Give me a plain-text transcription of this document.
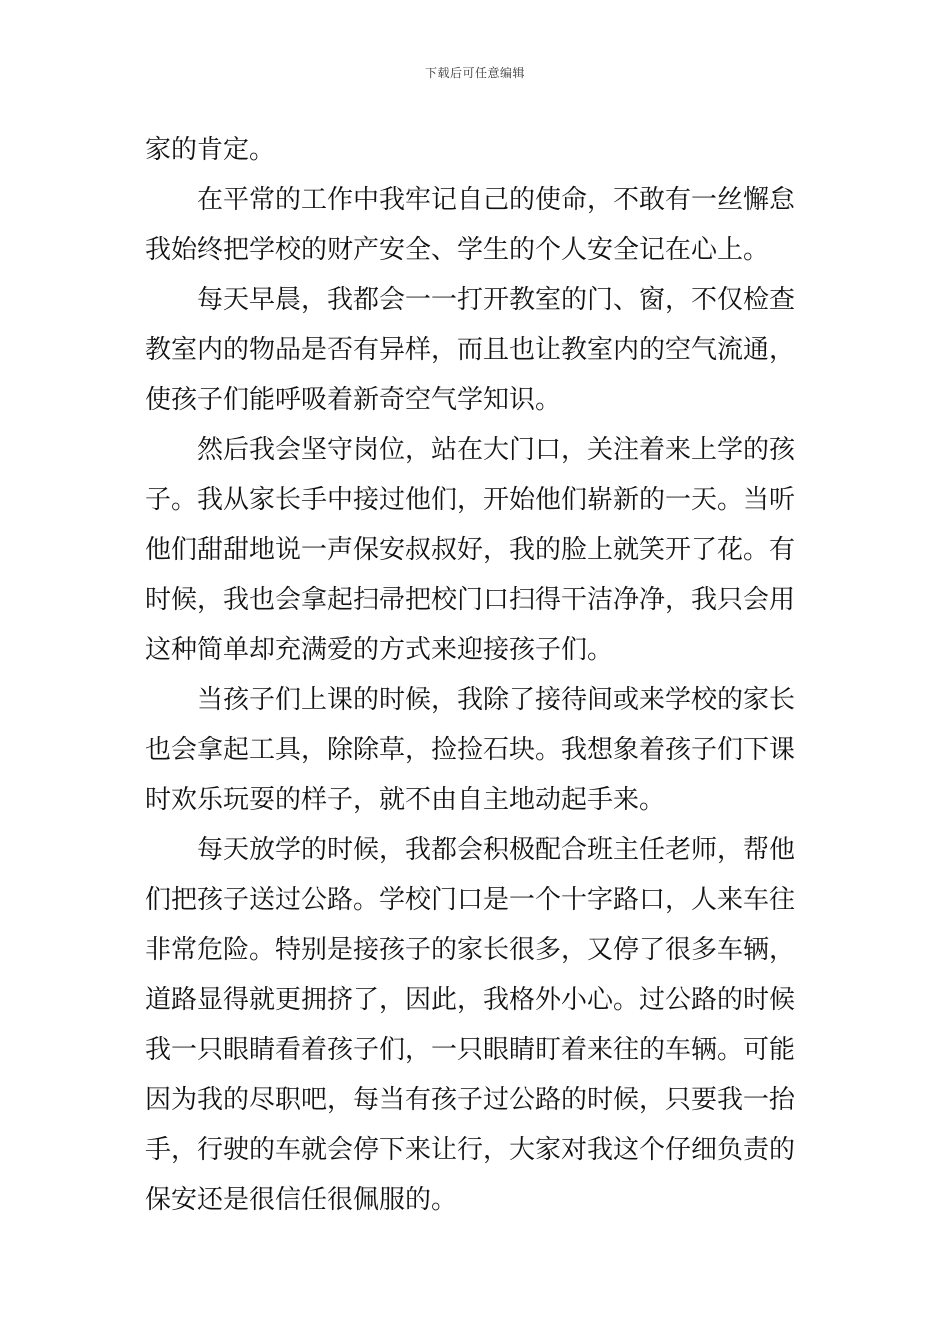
下载后可任意编辑
家的肯定。
在平常的工作中我牢记自己的使命，不敢有一丝懈怠
我始终把学校的财产安全、学生的个人安全记在心上。
每天早晨，我都会一一打开教室的门、窗，不仅检查
教室内的物品是否有异样，而且也让教室内的空气流通，
使孩子们能呼吸着新奇空气学知识。
然后我会坚守岗位，站在大门口，关注着来上学的孩
子。我从家长手中接过他们，开始他们崭新的一天。当听
他们甜甜地说一声保安叔叔好，我的脸上就笑开了花。有
时候，我也会拿起扫帚把校门口扫得干洁净净，我只会用
这种简单却充满爱的方式来迎接孩子们。
当孩子们上课的时候，我除了接待间或来学校的家长
也会拿起工具，除除草，捡捡石块。我想象着孩子们下课
时欢乐玩耍的样子，就不由自主地动起手来。
每天放学的时候，我都会积极配合班主任老师，帮他
们把孩子送过公路。学校门口是一个十字路口，人来车往
非常危险。特别是接孩子的家长很多，又停了很多车辆，
道路显得就更拥挤了，因此，我格外小心。过公路的时候
我一只眼睛看着孩子们，一只眼睛盯着来往的车辆。可能
因为我的尽职吧，每当有孩子过公路的时候，只要我一抬
手，行驶的车就会停下来让行，大家对我这个仔细负责的
保安还是很信任很佩服的。
